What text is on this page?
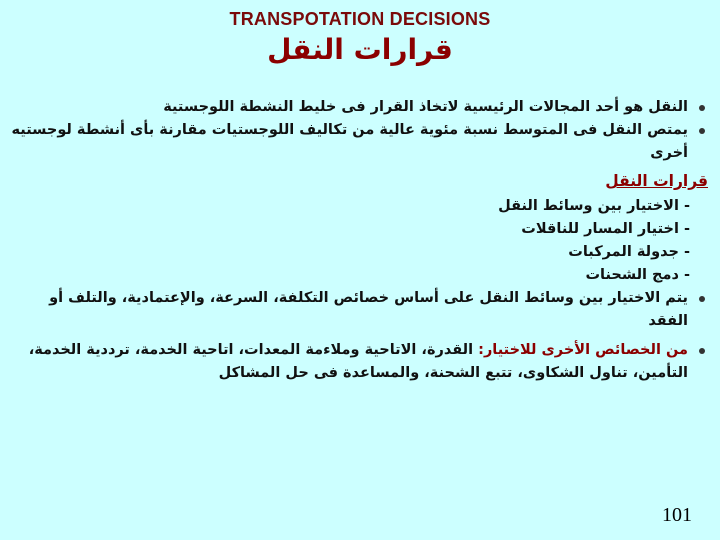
TRANSPOTATION DECISIONS
قرارات النقل
النقل هو أحد المجالات الرئيسية لاتخاذ القرار فى خليط النشطة اللوجستية
يمتص النقل فى المتوسط نسبة مئوية عالية من تكاليف اللوجستيات مقارنة بأى أنشطة لوجستيه أخرى
قرارات النقل
- الاختيار بين وسائط النقل
- اختيار المسار للناقلات
- جدولة المركبات
- دمج الشحنات
يتم الاختيار بين وسائط النقل على أساس خصائص التكلفة، السرعة، والإعتمادية، والتلف أو الفقد
من الخصائص الأخرى للاختيار: القدرة، الاتاحية وملاءمة المعدات، اتاحية الخدمة، ترددية الخدمة، التأمين، تناول الشكاوى، تتبع الشحنة، والمساعدة فى حل المشاكل
101
